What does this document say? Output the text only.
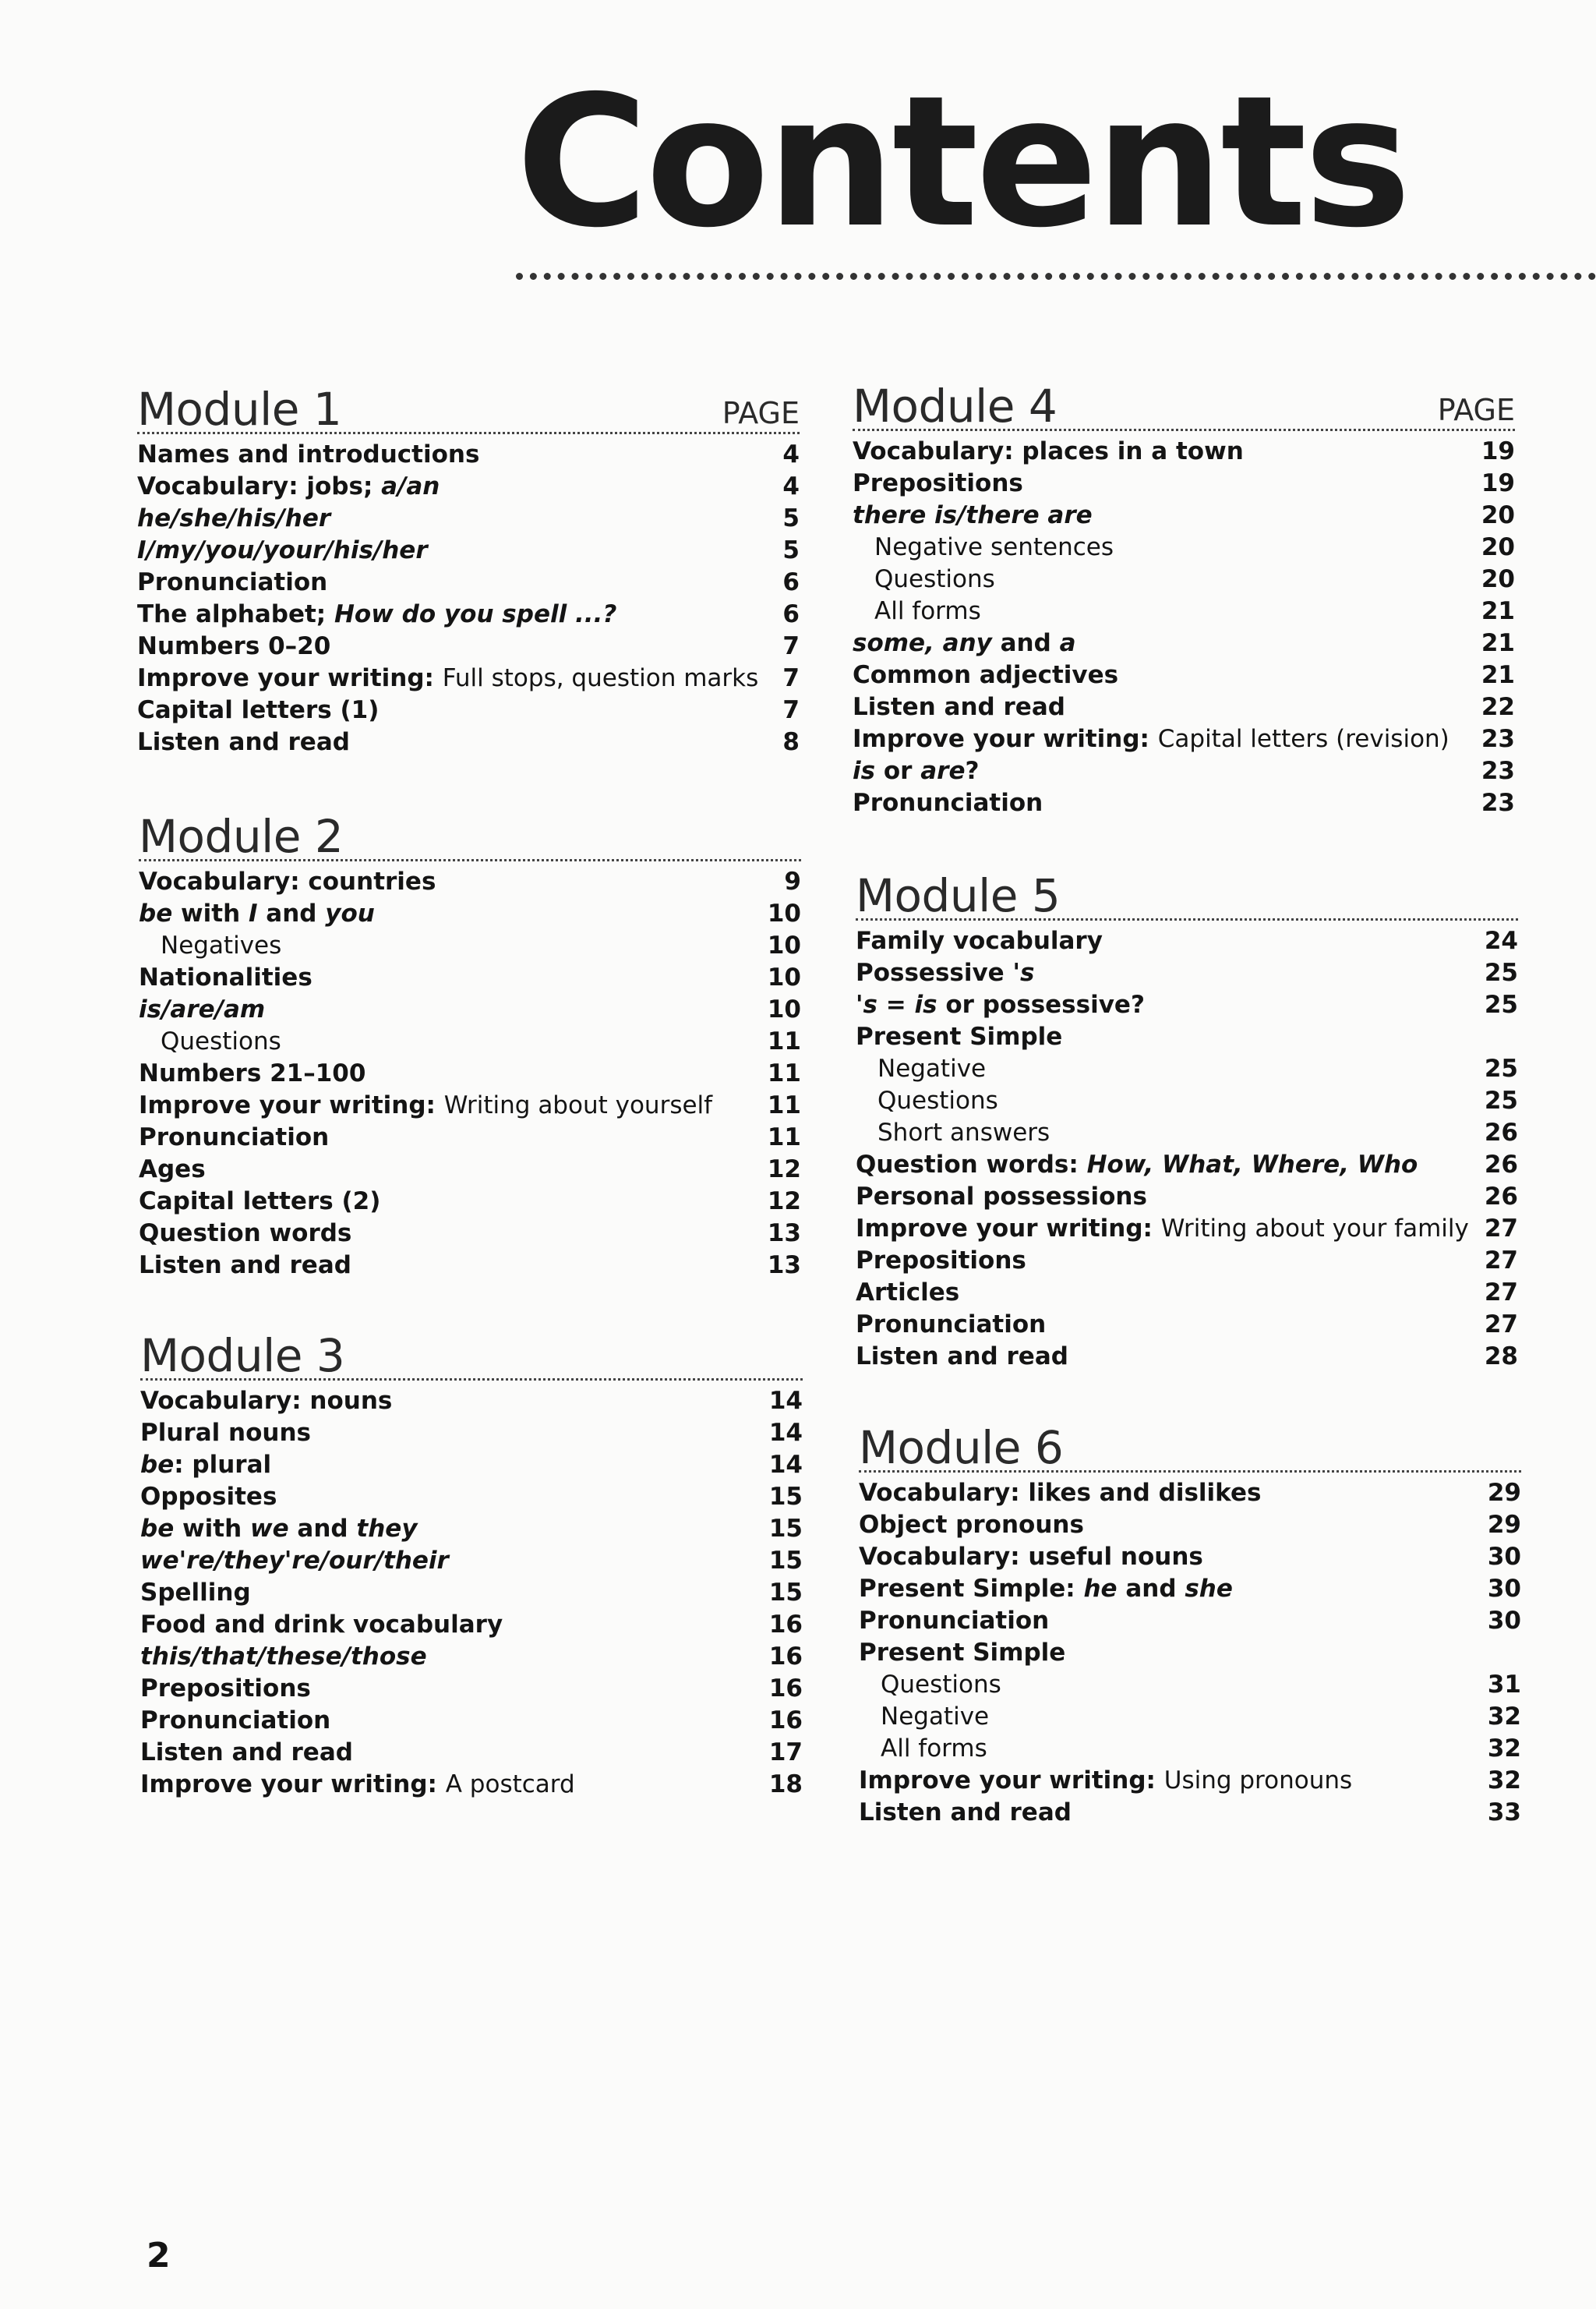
Contents
Module 1	PAGE
Names and introductions	4
Vocabulary: jobs; a/an	4
he/she/his/her	5
I/my/you/your/his/her	5
Pronunciation	6
The alphabet; How do you spell ...?	6
Numbers 0–20	7
Improve your writing: Full stops, question marks	7
Capital letters (1)	7
Listen and read	8
Module 2
Vocabulary: countries	9
be with I and you	10
Negatives	10
Nationalities	10
is/are/am	10
Questions	11
Numbers 21–100	11
Improve your writing: Writing about yourself	11
Pronunciation	11
Ages	12
Capital letters (2)	12
Question words	13
Listen and read	13
Module 3
Vocabulary: nouns	14
Plural nouns	14
be: plural	14
Opposites	15
be with we and they	15
we're/they're/our/their	15
Spelling	15
Food and drink vocabulary	16
this/that/these/those	16
Prepositions	16
Pronunciation	16
Listen and read	17
Improve your writing: A postcard	18
Module 4	PAGE
Vocabulary: places in a town	19
Prepositions	19
there is/there are	20
Negative sentences	20
Questions	20
All forms	21
some, any and a	21
Common adjectives	21
Listen and read	22
Improve your writing: Capital letters (revision)	23
is or are?	23
Pronunciation	23
Module 5
Family vocabulary	24
Possessive 's	25
's = is or possessive?	25
Present Simple
Negative	25
Questions	25
Short answers	26
Question words: How, What, Where, Who	26
Personal possessions	26
Improve your writing: Writing about your family 27
Prepositions	27
Articles	27
Pronunciation	27
Listen and read	28
Module 6
Vocabulary: likes and dislikes	29
Object pronouns	29
Vocabulary: useful nouns	30
Present Simple: he and she	30
Pronunciation	30
Present Simple
Questions	31
Negative	32
All forms	32
Improve your writing: Using pronouns	32
Listen and read	33
2
